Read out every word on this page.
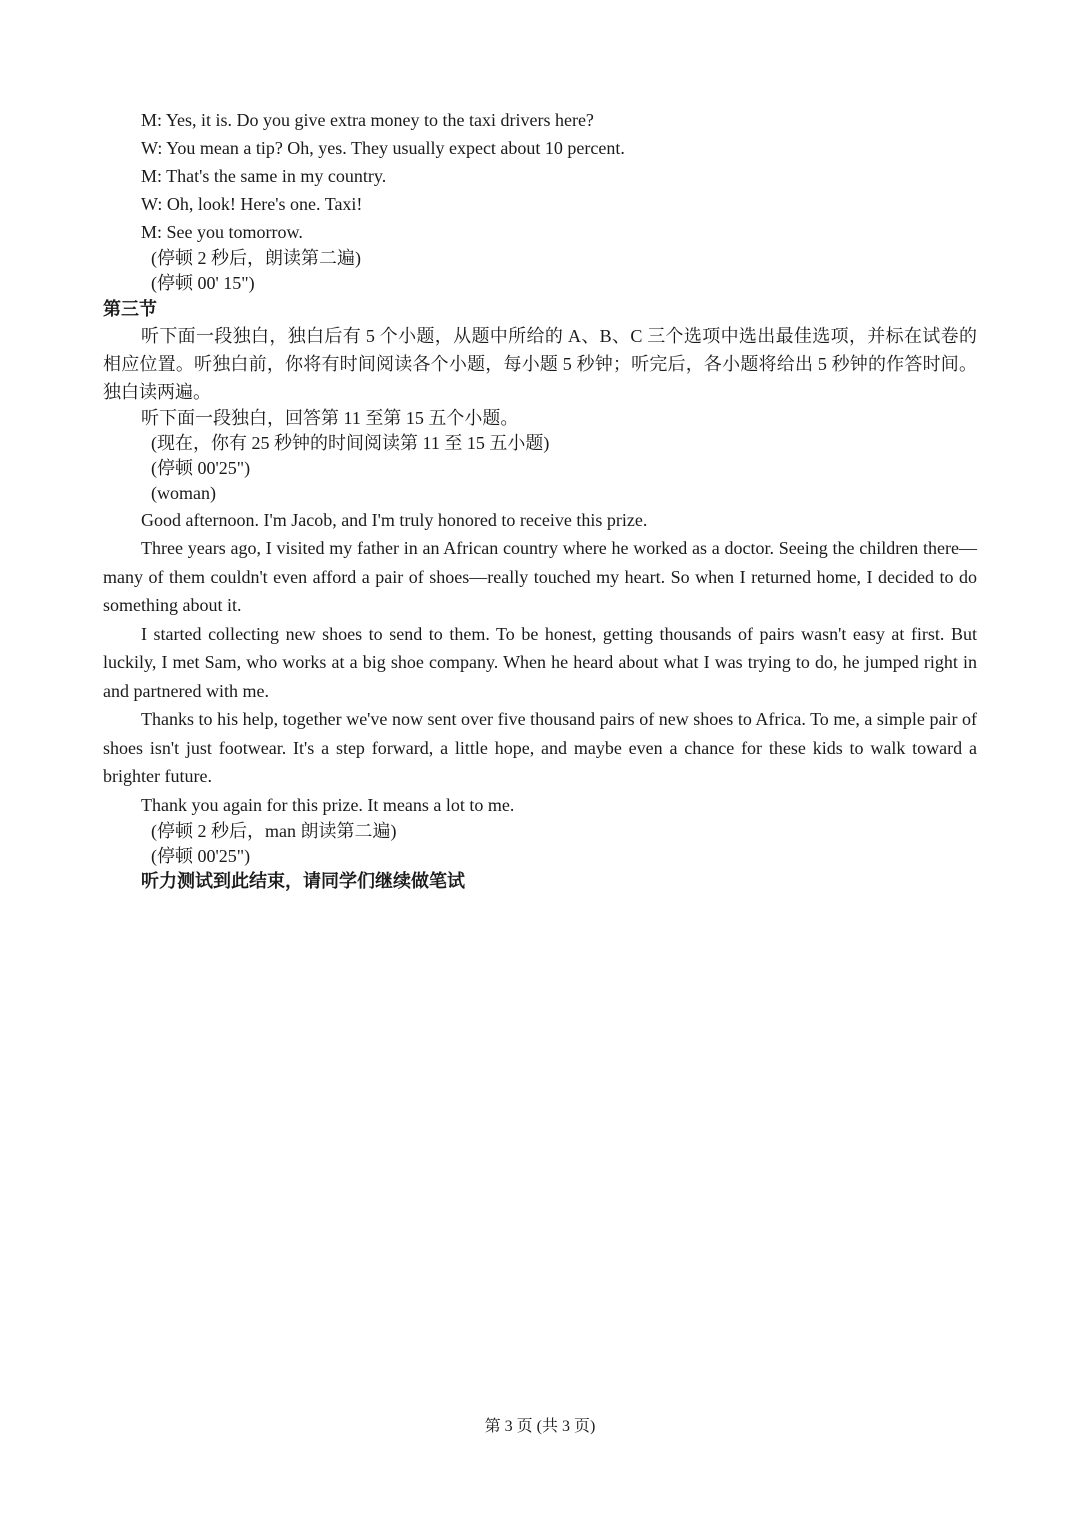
M: Yes, it is. Do you give extra money to the taxi drivers here?
W: You mean a tip? Oh, yes. They usually expect about 10 percent.
M: That's the same in my country.
W: Oh, look! Here's one. Taxi!
M: See you tomorrow.
(停顿 2 秒后，朗读第二遍)
(停顿 00' 15")
第三节
听下面一段独白，独白后有 5 个小题，从题中所给的 A、B、C 三个选项中选出最佳选项，并标在试卷的相应位置。听独白前，你将有时间阅读各个小题，每小题 5 秒钟；听完后，各小题将给出 5 秒钟的作答时间。独白读两遍。
听下面一段独白，回答第 11 至第 15 五个小题。
(现在，你有 25 秒钟的时间阅读第 11 至 15 五小题)
(停顿 00'25")
(woman)
Good afternoon. I'm Jacob, and I'm truly honored to receive this prize.
Three years ago, I visited my father in an African country where he worked as a doctor. Seeing the children there—many of them couldn't even afford a pair of shoes—really touched my heart. So when I returned home, I decided to do something about it.
I started collecting new shoes to send to them. To be honest, getting thousands of pairs wasn't easy at first. But luckily, I met Sam, who works at a big shoe company. When he heard about what I was trying to do, he jumped right in and partnered with me.
Thanks to his help, together we've now sent over five thousand pairs of new shoes to Africa. To me, a simple pair of shoes isn't just footwear. It's a step forward, a little hope, and maybe even a chance for these kids to walk toward a brighter future.
Thank you again for this prize. It means a lot to me.
(停顿 2 秒后，man 朗读第二遍)
(停顿 00'25")
听力测试到此结束，请同学们继续做笔试
第 3 页 (共 3 页)
